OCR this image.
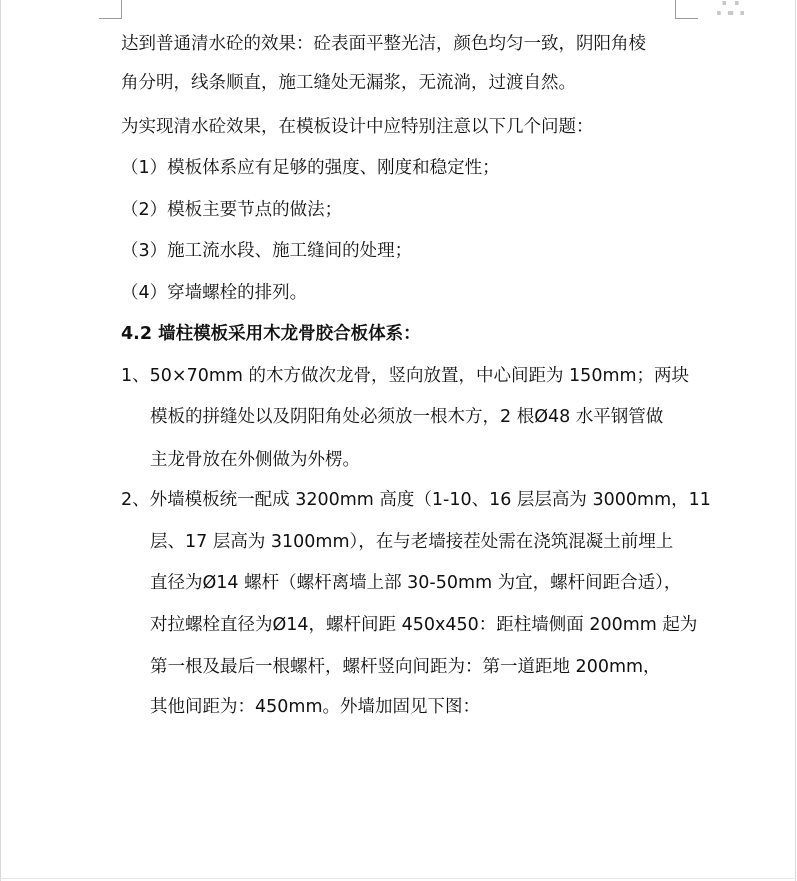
∴∴
达到普通清水砼的效果：砼表面平整光洁，颜色均匀一致，阴阳角棱
角分明，线条顺直，施工缝处无漏浆，无流淌，过渡自然。
为实现清水砼效果，在模板设计中应特别注意以下几个问题：
（1）模板体系应有足够的强度、刚度和稳定性；
（2）模板主要节点的做法；
（3）施工流水段、施工缝间的处理；
（4）穿墙螺栓的排列。
4.2 墙柱模板采用木龙骨胶合板体系：
1、50×70mm 的木方做次龙骨，竖向放置，中心间距为 150mm；两块
模板的拼缝处以及阴阳角处必须放一根木方，2 根Ø48 水平钢管做
主龙骨放在外侧做为外楞。
2、外墙模板统一配成 3200mm 高度（1-10、16 层层高为 3000mm，11
层、17 层高为 3100mm），在与老墙接茬处需在浇筑混凝土前埋上
直径为Ø14 螺杆（螺杆离墙上部 30-50mm 为宜，螺杆间距合适），
对拉螺栓直径为Ø14，螺杆间距 450x450：距柱墙侧面 200mm 起为
第一根及最后一根螺杆，螺杆竖向间距为：第一道距地 200mm，
其他间距为：450mm。外墙加固见下图：
